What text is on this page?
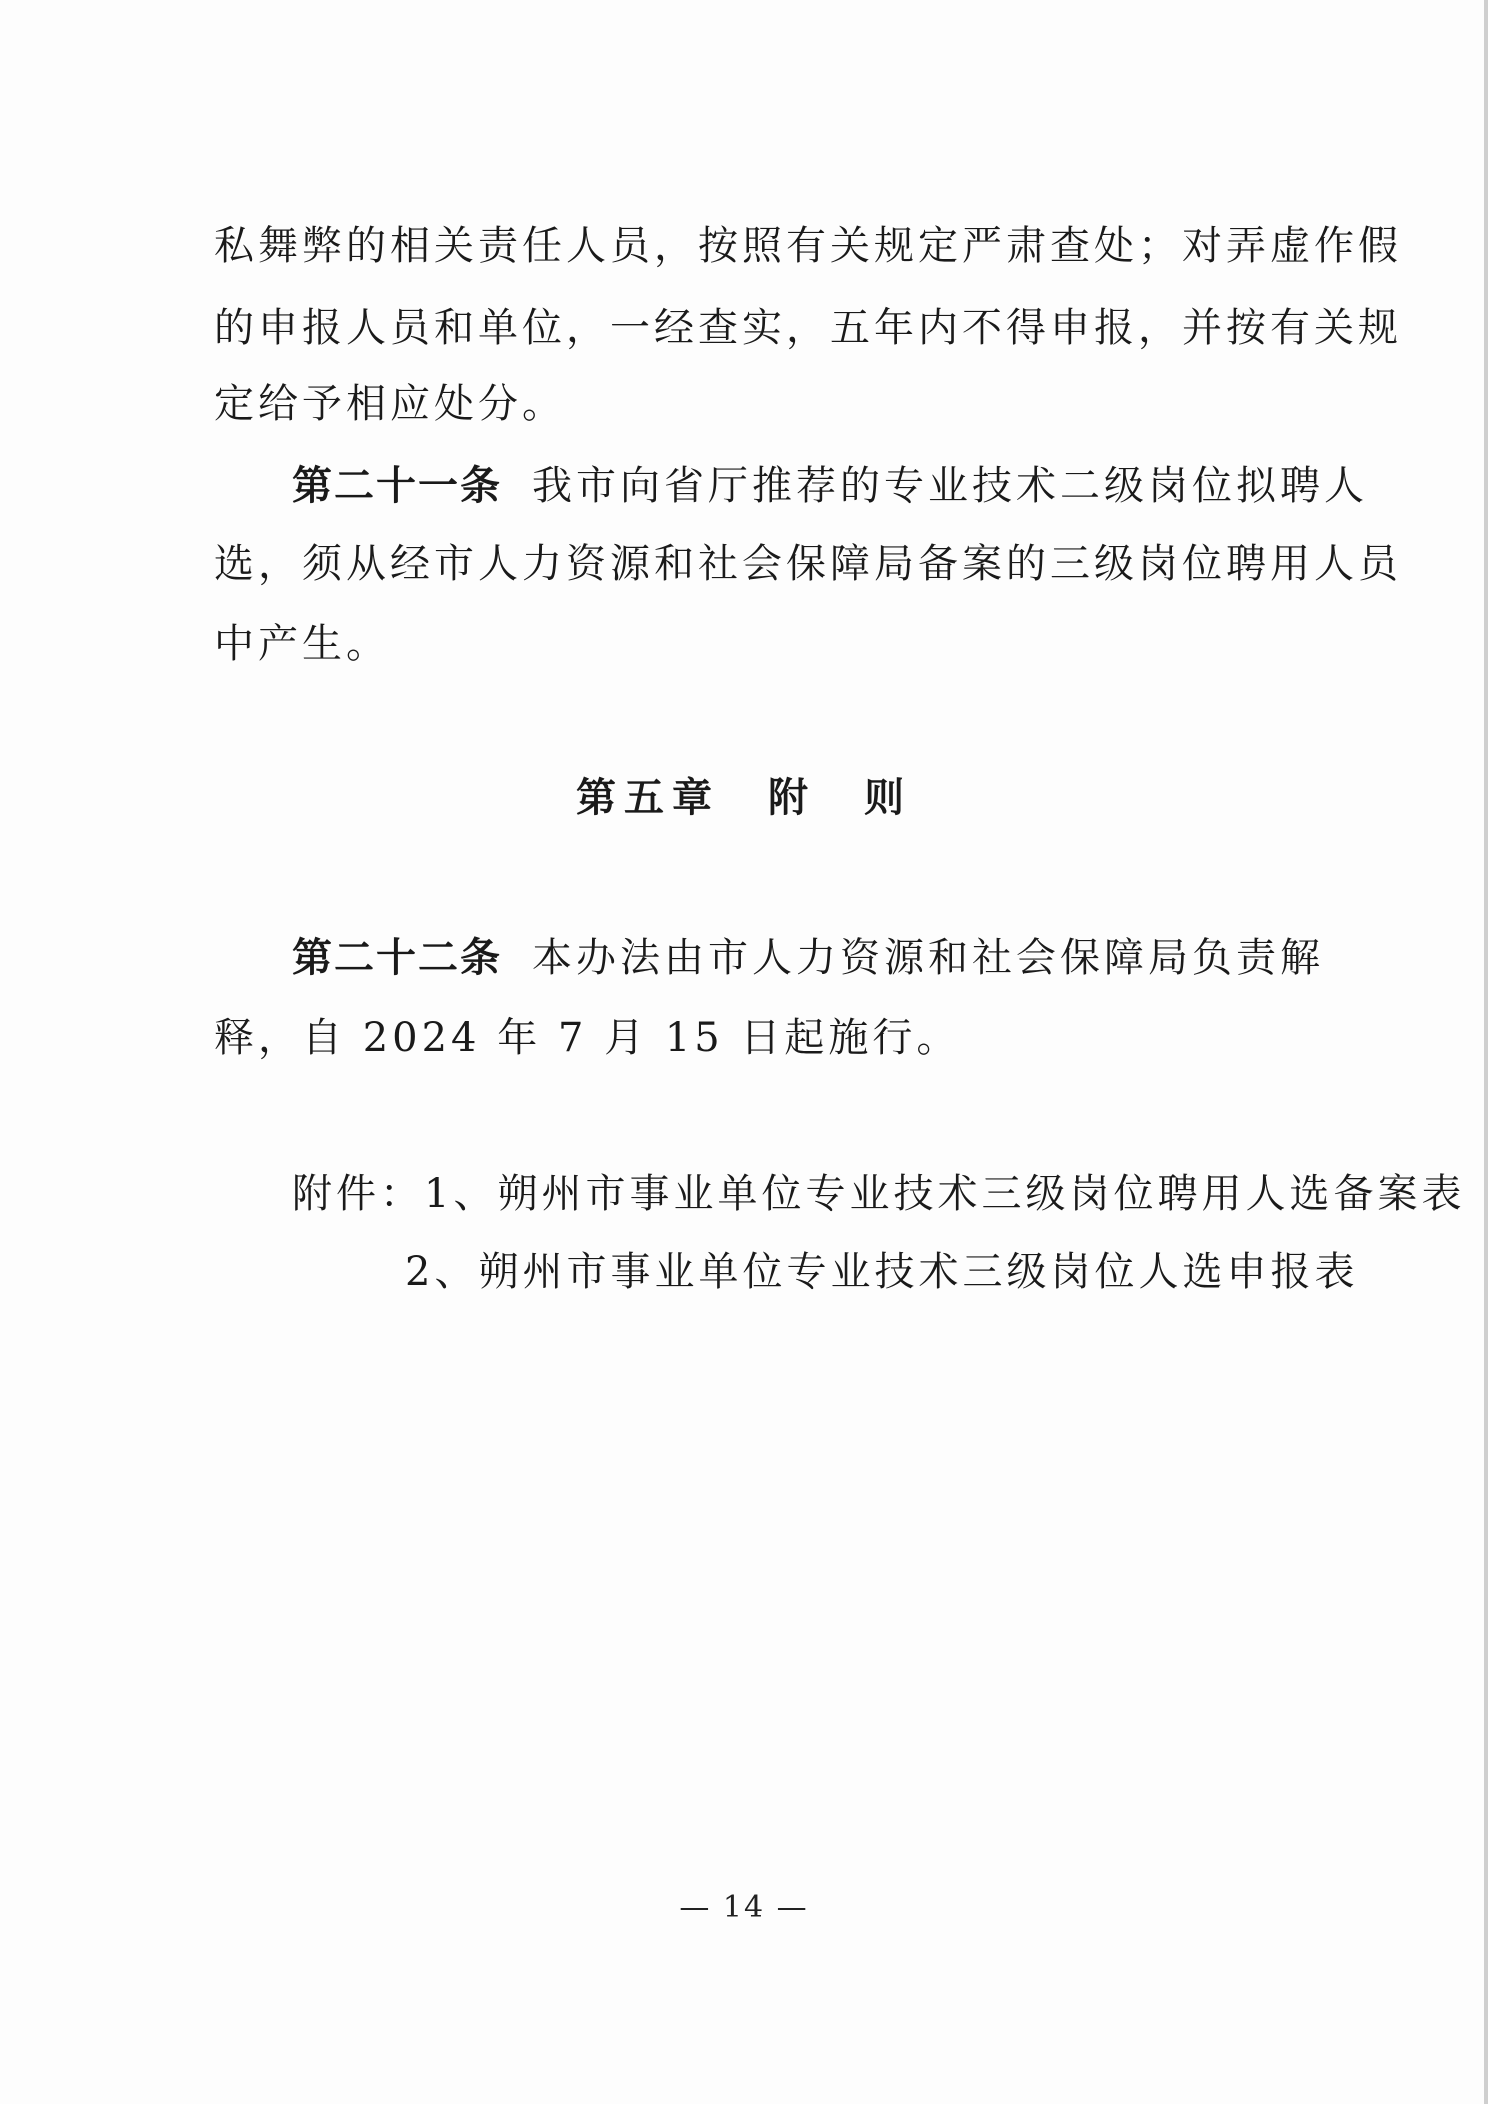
私舞弊的相关责任人员，按照有关规定严肃查处；对弄虚作假

的申报人员和单位，一经查实，五年内不得申报，并按有关规

定给予相应处分。

第二十一条 我市向省厅推荐的专业技术二级岗位拟聘人

选，须从经市人力资源和社会保障局备案的三级岗位聘用人员

中产生。

第五章　附　则

第二十二条 本办法由市人力资源和社会保障局负责解

释，自 2024 年 7 月 15 日起施行。

附件：1、朔州市事业单位专业技术三级岗位聘用人选备案表

2、朔州市事业单位专业技术三级岗位人选申报表

— 14 —
